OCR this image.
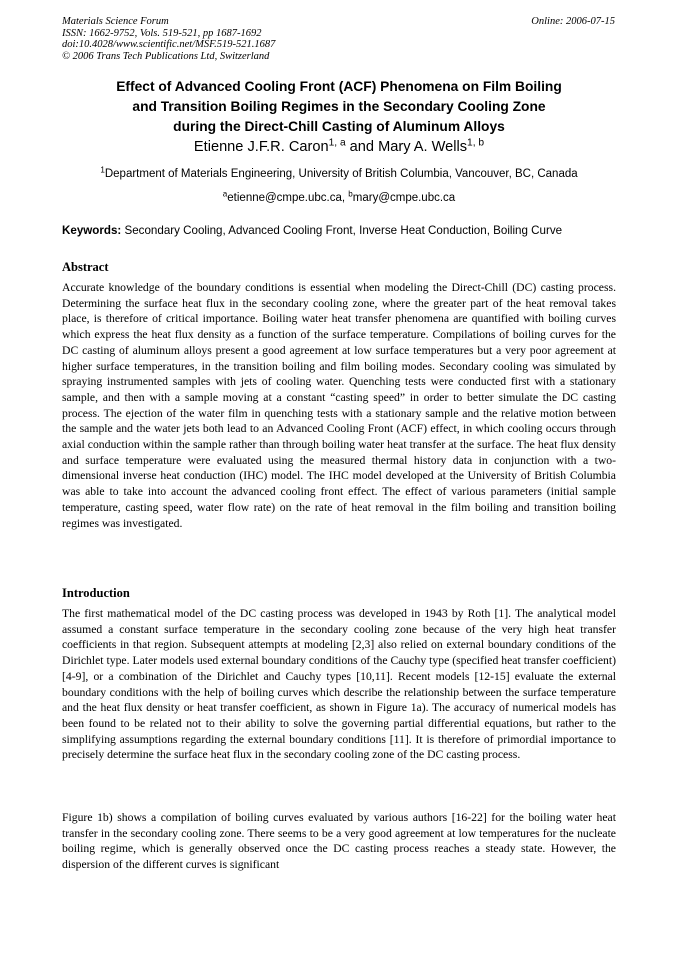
Materials Science Forum
ISSN: 1662-9752, Vols. 519-521, pp 1687-1692
doi:10.4028/www.scientific.net/MSF.519-521.1687
© 2006 Trans Tech Publications Ltd, Switzerland
Online: 2006-07-15
Effect of Advanced Cooling Front (ACF) Phenomena on Film Boiling
and Transition Boiling Regimes in the Secondary Cooling Zone
during the Direct-Chill Casting of Aluminum Alloys
Etienne J.F.R. Caron$^{1, a}$ and Mary A. Wells$^{1, b}$
$^1$Department of Materials Engineering, University of British Columbia, Vancouver, BC, Canada
$^a$etienne@cmpe.ubc.ca, $^b$mary@cmpe.ubc.ca
Keywords: Secondary Cooling, Advanced Cooling Front, Inverse Heat Conduction, Boiling Curve
Abstract
Accurate knowledge of the boundary conditions is essential when modeling the Direct-Chill (DC) casting process. Determining the surface heat flux in the secondary cooling zone, where the greater part of the heat removal takes place, is therefore of critical importance. Boiling water heat transfer phenomena are quantified with boiling curves which express the heat flux density as a function of the surface temperature. Compilations of boiling curves for the DC casting of aluminum alloys present a good agreement at low surface temperatures but a very poor agreement at higher surface temperatures, in the transition boiling and film boiling modes. Secondary cooling was simulated by spraying instrumented samples with jets of cooling water. Quenching tests were conducted first with a stationary sample, and then with a sample moving at a constant “casting speed” in order to better simulate the DC casting process. The ejection of the water film in quenching tests with a stationary sample and the relative motion between the sample and the water jets both lead to an Advanced Cooling Front (ACF) effect, in which cooling occurs through axial conduction within the sample rather than through boiling water heat transfer at the surface. The heat flux density and surface temperature were evaluated using the measured thermal history data in conjunction with a two-dimensional inverse heat conduction (IHC) model. The IHC model developed at the University of British Columbia was able to take into account the advanced cooling front effect. The effect of various parameters (initial sample temperature, casting speed, water flow rate) on the rate of heat removal in the film boiling and transition boiling regimes was investigated.
Introduction
The first mathematical model of the DC casting process was developed in 1943 by Roth [1]. The analytical model assumed a constant surface temperature in the secondary cooling zone because of the very high heat transfer coefficients in that region. Subsequent attempts at modeling [2,3] also relied on external boundary conditions of the Dirichlet type. Later models used external boundary conditions of the Cauchy type (specified heat transfer coefficient) [4-9], or a combination of the Dirichlet and Cauchy types [10,11]. Recent models [12-15] evaluate the external boundary conditions with the help of boiling curves which describe the relationship between the surface temperature and the heat flux density or heat transfer coefficient, as shown in Figure 1a). The accuracy of numerical models has been found to be related not to their ability to solve the governing partial differential equations, but rather to the simplifying assumptions regarding the external boundary conditions [11]. It is therefore of primordial importance to precisely determine the surface heat flux in the secondary cooling zone of the DC casting process.
Figure 1b) shows a compilation of boiling curves evaluated by various authors [16-22] for the boiling water heat transfer in the secondary cooling zone. There seems to be a very good agreement at low temperatures for the nucleate boiling regime, which is generally observed once the DC casting process reaches a steady state. However, the dispersion of the different curves is significant
